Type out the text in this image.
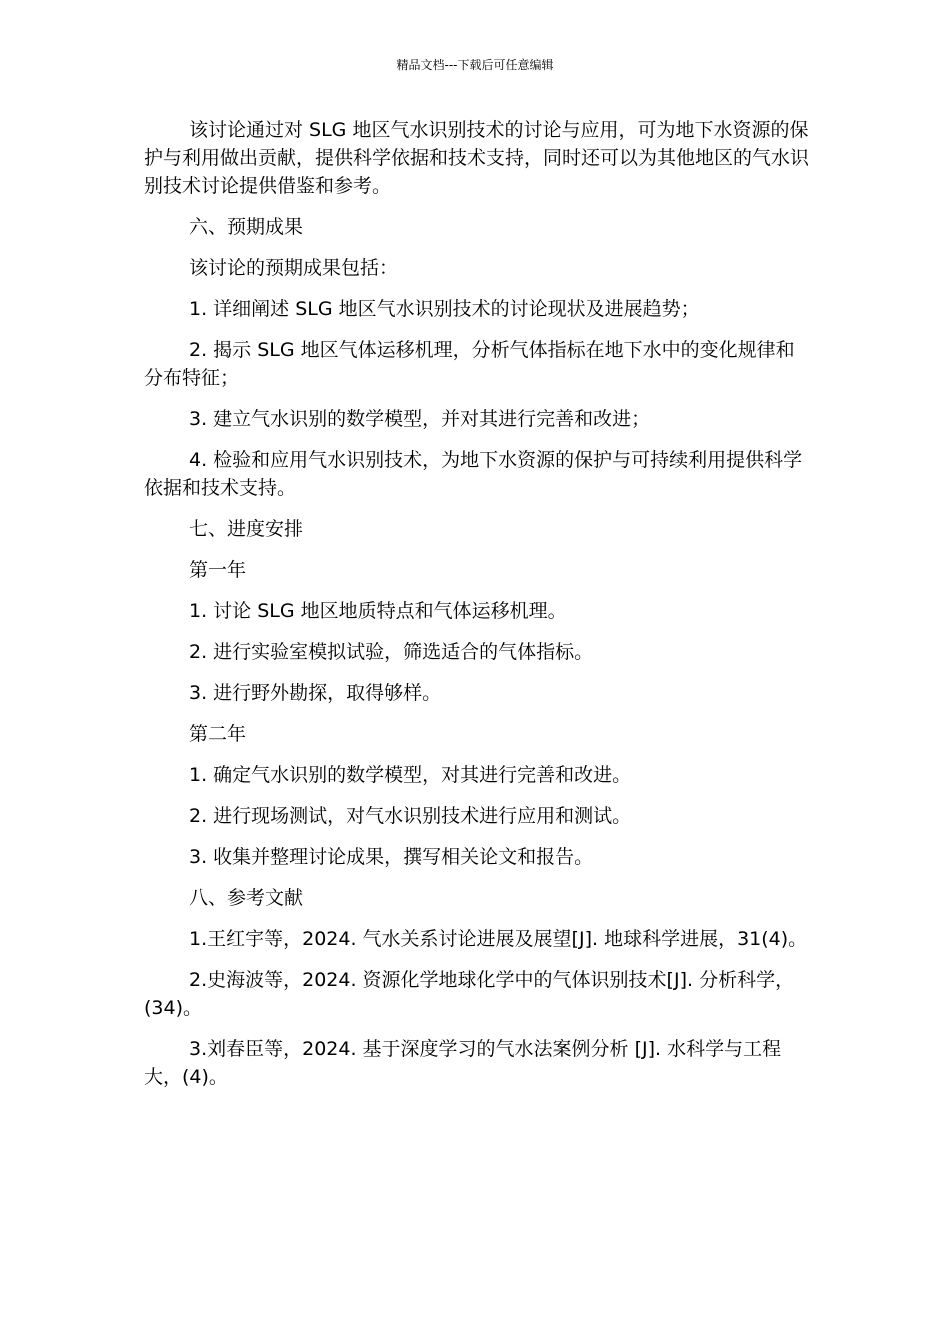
精品文档---下载后可任意编辑

该讨论通过对 SLG 地区气水识别技术的讨论与应用，可为地下水资源的保护与利用做出贡献，提供科学依据和技术支持，同时还可以为其他地区的气水识别技术讨论提供借鉴和参考。

六、预期成果

该讨论的预期成果包括：

1. 详细阐述 SLG 地区气水识别技术的讨论现状及进展趋势；

2. 揭示 SLG 地区气体运移机理，分析气体指标在地下水中的变化规律和分布特征；

3. 建立气水识别的数学模型，并对其进行完善和改进；

4. 检验和应用气水识别技术，为地下水资源的保护与可持续利用提供科学依据和技术支持。

七、进度安排

第一年

1. 讨论 SLG 地区地质特点和气体运移机理。

2. 进行实验室模拟试验，筛选适合的气体指标。

3. 进行野外勘探，取得够样。

第二年

1. 确定气水识别的数学模型，对其进行完善和改进。

2. 进行现场测试，对气水识别技术进行应用和测试。

3. 收集并整理讨论成果，撰写相关论文和报告。

八、参考文献

1.王红宇等，2024. 气水关系讨论进展及展望[J]. 地球科学进展，31(4)。

2.史海波等，2024. 资源化学地球化学中的气体识别技术[J]. 分析科学，(34)。

3.刘春臣等，2024. 基于深度学习的气水法案例分析 [J]. 水科学与工程大，(4)。
